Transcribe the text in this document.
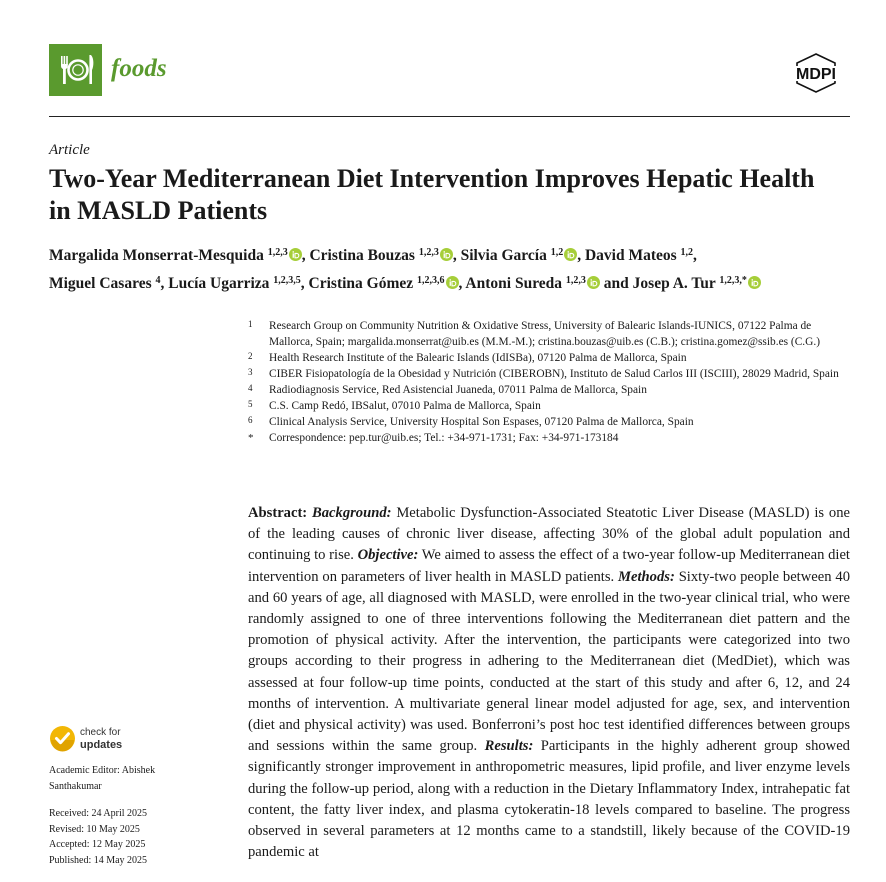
foods	MDPI
Article
Two-Year Mediterranean Diet Intervention Improves Hepatic Health in MASLD Patients
Margalida Monserrat-Mesquida $^{1,2,3}$ , Cristina Bouzas $^{1,2,3}$ , Silvia García $^{1,2}$ , David Mateos $^{1,2}$,
Miguel Casares $^4$, Lucía Ugarriza $^{1,2,3,5}$, Cristina Gómez $^{1,2,3,6}$ , Antoni Sureda $^{1,2,3}$ and Josep A. Tur $^{1,2,3,*}$
1 Research Group on Community Nutrition & Oxidative Stress, University of Balearic Islands-IUNICS, 07122 Palma de Mallorca, Spain; margalida.monserrat@uib.es (M.M.-M.); cristina.bouzas@uib.es (C.B.); cristina.gomez@ssib.es (C.G.)
2 Health Research Institute of the Balearic Islands (IdISBa), 07120 Palma de Mallorca, Spain
3 CIBER Fisiopatología de la Obesidad y Nutrición (CIBEROBN), Instituto de Salud Carlos III (ISCIII), 28029 Madrid, Spain
4 Radiodiagnosis Service, Red Asistencial Juaneda, 07011 Palma de Mallorca, Spain
5 C.S. Camp Redó, IBSalut, 07010 Palma de Mallorca, Spain
6 Clinical Analysis Service, University Hospital Son Espases, 07120 Palma de Mallorca, Spain
* Correspondence: pep.tur@uib.es; Tel.: +34-971-1731; Fax: +34-971-173184
Abstract: Background: Metabolic Dysfunction-Associated Steatotic Liver Disease (MASLD) is one of the leading causes of chronic liver disease, affecting 30% of the global adult population and continuing to rise. Objective: We aimed to assess the effect of a two-year follow-up Mediterranean diet intervention on parameters of liver health in MASLD patients. Methods: Sixty-two people between 40 and 60 years of age, all diagnosed with MASLD, were enrolled in the two-year clinical trial, who were randomly assigned to one of three interventions following the Mediterranean diet pattern and the promotion of physical activity. After the intervention, the participants were categorized into two groups according to their progress in adhering to the Mediterranean diet (MedDiet), which was assessed at four follow-up time points, conducted at the start of this study and after 6, 12, and 24 months of intervention. A multivariate general linear model adjusted for age, sex, and intervention (diet and physical activity) was used. Bonferroni’s post hoc test identified differences between groups and sessions within the same group. Results: Participants in the highly adherent group showed significantly stronger improvement in anthropometric measures, lipid profile, and liver enzyme levels during the follow-up period, along with a reduction in the Dietary Inflammatory Index, intrahepatic fat content, the fatty liver index, and plasma cytokeratin-18 levels compared to baseline. The progress observed in several parameters at 12 months came to a standstill, likely because of the COVID-19 pandemic at
check for
updates
Academic Editor: Abishek Santhakumar
Received: 24 April 2025
Revised: 10 May 2025
Accepted: 12 May 2025
Published: 14 May 2025
